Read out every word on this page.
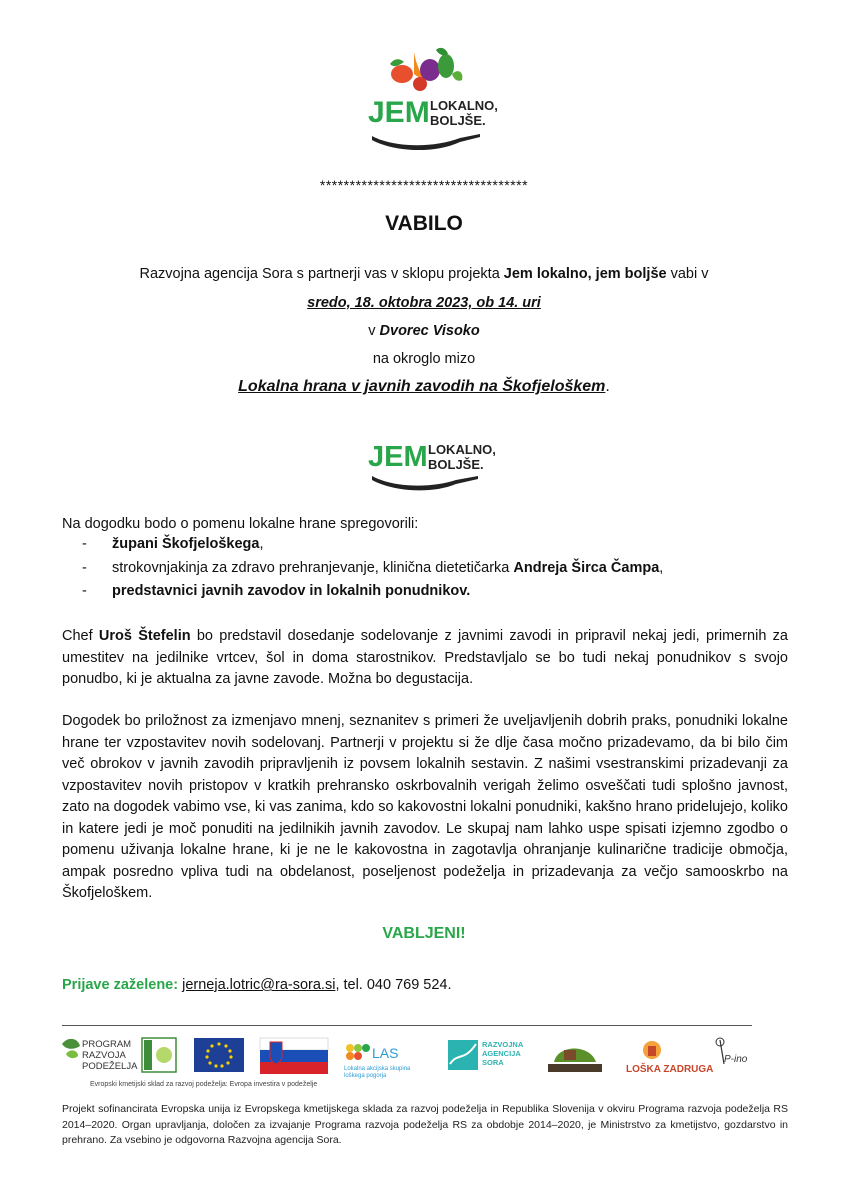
JEM LOKALNO,
BOLJŠE.
***********************************
VABILO
Razvojna agencija Sora s partnerji vas v sklopu projekta Jem lokalno, jem boljše vabi v
sredo, 18. oktobra 2023, ob 14. uri
v Dvorec Visoko
na okroglo mizo
Lokalna hrana v javnih zavodih na Škofjeloškem.
JEM LOKALNO,
BOLJŠE.
Na dogodku bodo o pomenu lokalne hrane spregovorili:
- župani Škofjeloškega,
- strokovnjakinja za zdravo prehranjevanje, klinična dietetičarka Andreja Širca Čampa,
- predstavnici javnih zavodov in lokalnih ponudnikov.
Chef Uroš Štefelin bo predstavil dosedanje sodelovanje z javnimi zavodi in pripravil nekaj jedi, primernih za umestitev na jedilnike vrtcev, šol in doma starostnikov. Predstavljalo se bo tudi nekaj ponudnikov s svojo ponudbo, ki je aktualna za javne zavode. Možna bo degustacija.
Dogodek bo priložnost za izmenjavo mnenj, seznanitev s primeri že uveljavljenih dobrih praks, ponudniki lokalne hrane ter vzpostavitev novih sodelovanj. Partnerji v projektu si že dlje časa močno prizadevamo, da bi bilo čim več obrokov v javnih zavodih pripravljenih iz povsem lokalnih sestavin. Z našimi vsestranskimi prizadevanji za vzpostavitev novih pristopov v kratkih prehransko oskrbovalnih verigah želimo osveščati tudi splošno javnost, zato na dogodek vabimo vse, ki vas zanima, kdo so kakovostni lokalni ponudniki, kakšno hrano pridelujejo, koliko in katere jedi je moč ponuditi na jedilnikih javnih zavodov. Le skupaj nam lahko uspe spisati izjemno zgodbo o pomenu uživanja lokalne hrane, ki je ne le kakovostna in zagotavlja ohranjanje kulinarične tradicije območja, ampak posredno vpliva tudi na obdelanost, poseljenost podeželja in prizadevanja za večjo samooskrbo na Škofjeloškem.
VABLJENI!
Prijave zaželene: jerneja.lotric@ra-sora.si, tel. 040 769 524.
PROGRAM
RAZVOJA
PODEŽELJA
LAS
Lokalna akcijska skupina
loškega pogorja
RAZVOJNA
AGENCIJA
SORA
LOŠKA ZADRUGA
P-ino
Evropski kmetijski sklad za razvoj podeželja: Evropa investira v podeželje
Projekt sofinancirata Evropska unija iz Evropskega kmetijskega sklada za razvoj podeželja in Republika Slovenija v okviru Programa razvoja podeželja RS 2014–2020. Organ upravljanja, določen za izvajanje Programa razvoja podeželja RS za obdobje 2014–2020, je Ministrstvo za kmetijstvo, gozdarstvo in prehrano. Za vsebino je odgovorna Razvojna agencija Sora.
